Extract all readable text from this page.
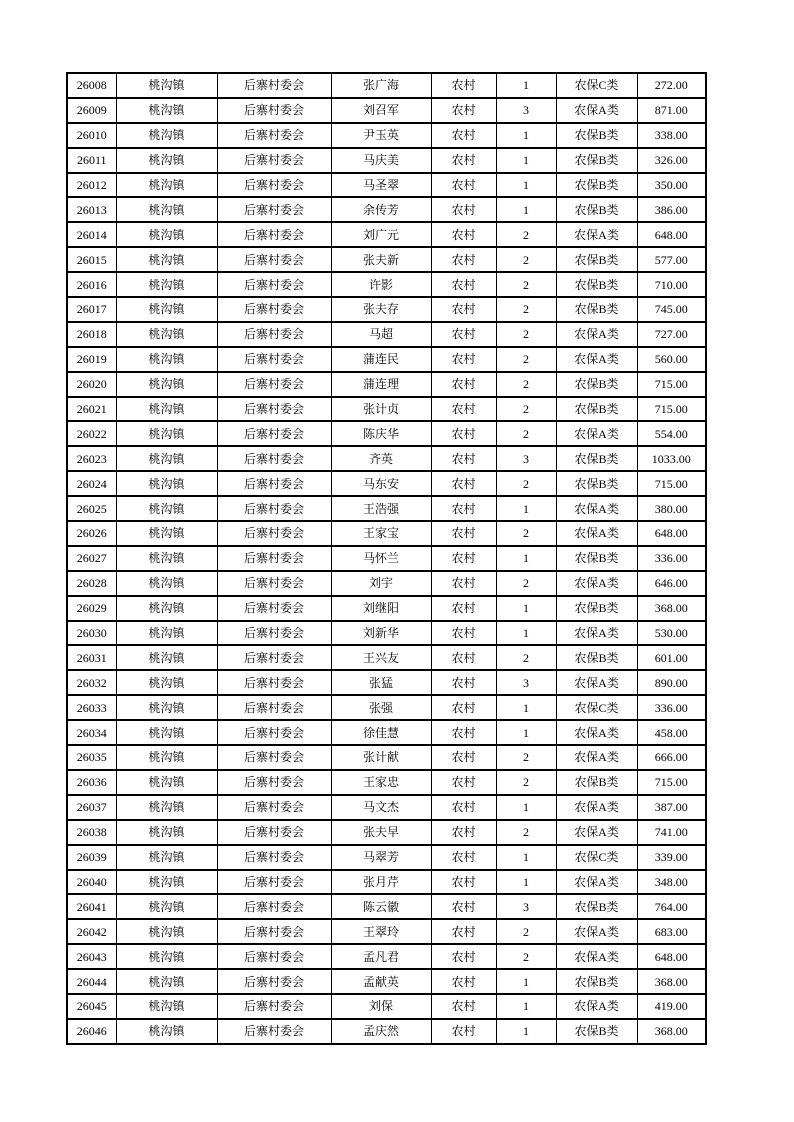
26008	桃沟镇	后寨村委会	张广海	农村	1	农保C类	272.00
26009	桃沟镇	后寨村委会	刘召军	农村	3	农保A类	871.00
26010	桃沟镇	后寨村委会	尹玉英	农村	1	农保B类	338.00
26011	桃沟镇	后寨村委会	马庆美	农村	1	农保B类	326.00
26012	桃沟镇	后寨村委会	马圣翠	农村	1	农保B类	350.00
26013	桃沟镇	后寨村委会	余传芳	农村	1	农保B类	386.00
26014	桃沟镇	后寨村委会	刘广元	农村	2	农保A类	648.00
26015	桃沟镇	后寨村委会	张夫新	农村	2	农保B类	577.00
26016	桃沟镇	后寨村委会	许影	农村	2	农保B类	710.00
26017	桃沟镇	后寨村委会	张夫存	农村	2	农保B类	745.00
26018	桃沟镇	后寨村委会	马超	农村	2	农保A类	727.00
26019	桃沟镇	后寨村委会	蒲连民	农村	2	农保A类	560.00
26020	桃沟镇	后寨村委会	蒲连理	农村	2	农保B类	715.00
26021	桃沟镇	后寨村委会	张计贞	农村	2	农保B类	715.00
26022	桃沟镇	后寨村委会	陈庆华	农村	2	农保A类	554.00
26023	桃沟镇	后寨村委会	齐英	农村	3	农保B类	1033.00
26024	桃沟镇	后寨村委会	马东安	农村	2	农保B类	715.00
26025	桃沟镇	后寨村委会	王浩强	农村	1	农保A类	380.00
26026	桃沟镇	后寨村委会	王家宝	农村	2	农保A类	648.00
26027	桃沟镇	后寨村委会	马怀兰	农村	1	农保B类	336.00
26028	桃沟镇	后寨村委会	刘宇	农村	2	农保A类	646.00
26029	桃沟镇	后寨村委会	刘继阳	农村	1	农保B类	368.00
26030	桃沟镇	后寨村委会	刘新华	农村	1	农保A类	530.00
26031	桃沟镇	后寨村委会	王兴友	农村	2	农保B类	601.00
26032	桃沟镇	后寨村委会	张猛	农村	3	农保A类	890.00
26033	桃沟镇	后寨村委会	张强	农村	1	农保C类	336.00
26034	桃沟镇	后寨村委会	徐佳慧	农村	1	农保A类	458.00
26035	桃沟镇	后寨村委会	张计献	农村	2	农保A类	666.00
26036	桃沟镇	后寨村委会	王家忠	农村	2	农保B类	715.00
26037	桃沟镇	后寨村委会	马文杰	农村	1	农保A类	387.00
26038	桃沟镇	后寨村委会	张夫早	农村	2	农保A类	741.00
26039	桃沟镇	后寨村委会	马翠芳	农村	1	农保C类	339.00
26040	桃沟镇	后寨村委会	张月芹	农村	1	农保A类	348.00
26041	桃沟镇	后寨村委会	陈云徽	农村	3	农保B类	764.00
26042	桃沟镇	后寨村委会	王翠玲	农村	2	农保A类	683.00
26043	桃沟镇	后寨村委会	孟凡君	农村	2	农保A类	648.00
26044	桃沟镇	后寨村委会	孟献英	农村	1	农保B类	368.00
26045	桃沟镇	后寨村委会	刘保	农村	1	农保A类	419.00
26046	桃沟镇	后寨村委会	孟庆然	农村	1	农保B类	368.00
